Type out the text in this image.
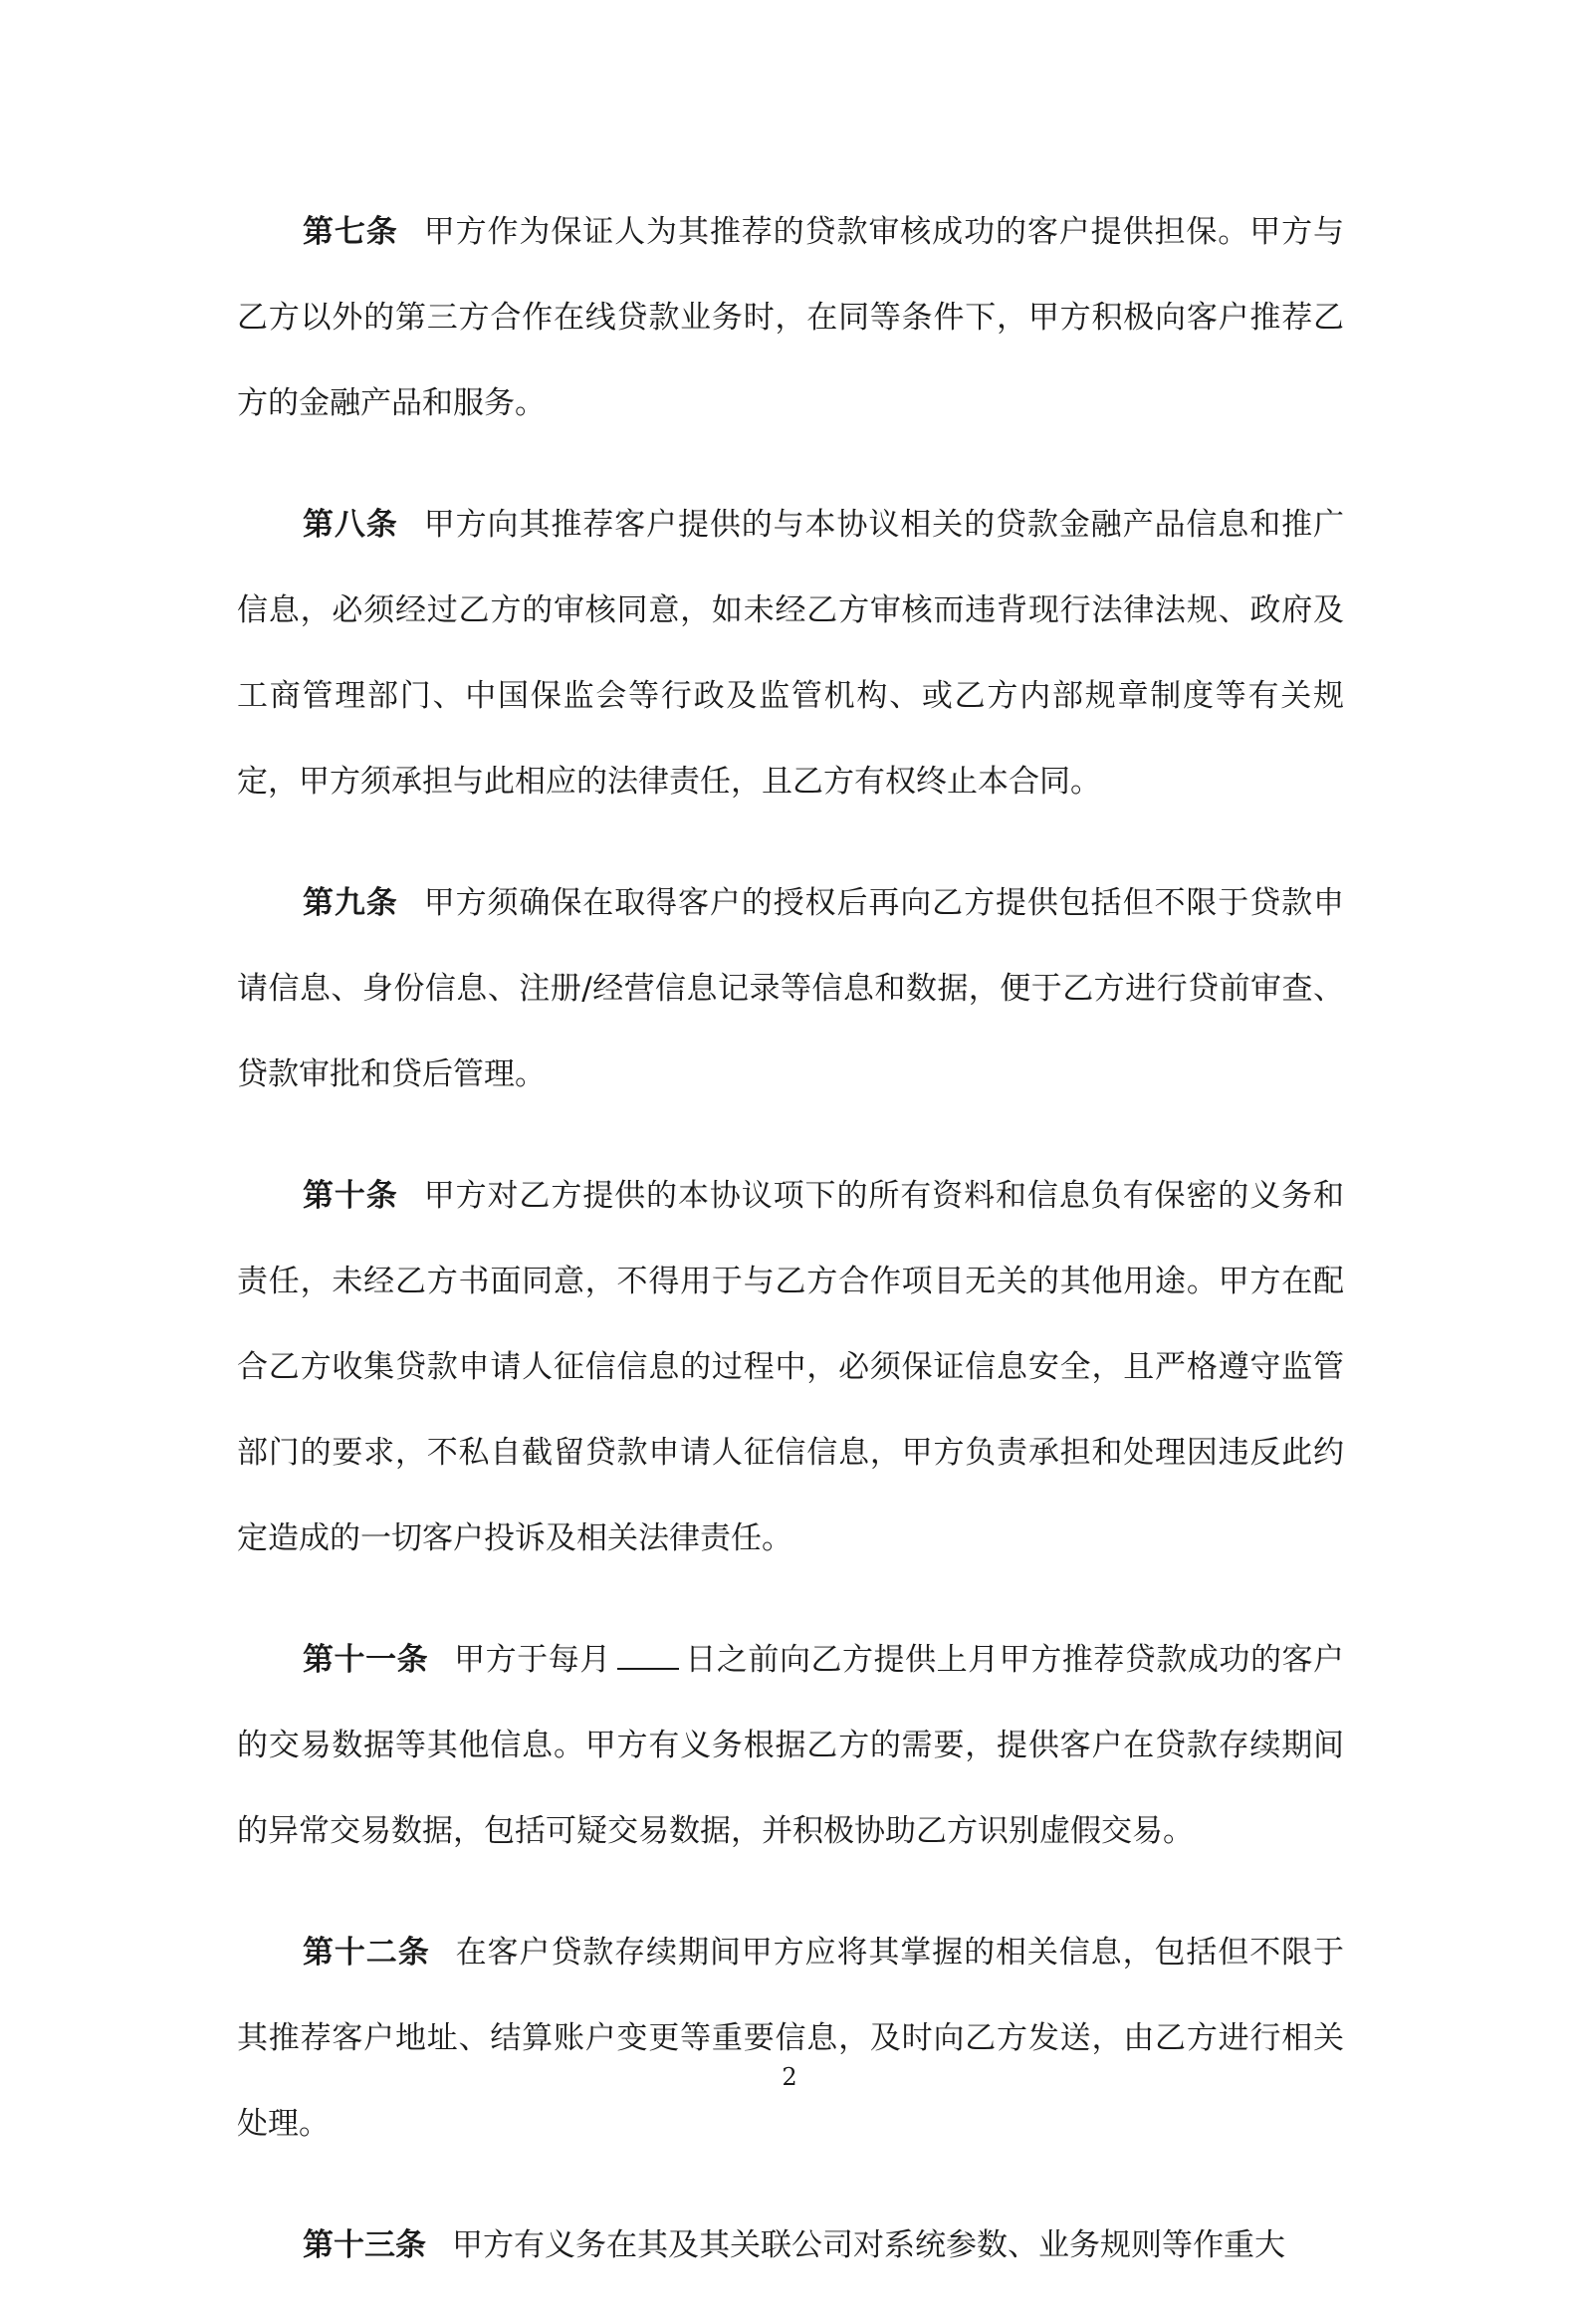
第七条 甲方作为保证人为其推荐的贷款审核成功的客户提供担保。甲方与乙方以外的第三方合作在线贷款业务时，在同等条件下，甲方积极向客户推荐乙方的金融产品和服务。

第八条 甲方向其推荐客户提供的与本协议相关的贷款金融产品信息和推广信息，必须经过乙方的审核同意，如未经乙方审核而违背现行法律法规、政府及工商管理部门、中国保监会等行政及监管机构、或乙方内部规章制度等有关规定，甲方须承担与此相应的法律责任，且乙方有权终止本合同。

第九条 甲方须确保在取得客户的授权后再向乙方提供包括但不限于贷款申请信息、身份信息、注册/经营信息记录等信息和数据，便于乙方进行贷前审查、贷款审批和贷后管理。

第十条 甲方对乙方提供的本协议项下的所有资料和信息负有保密的义务和责任，未经乙方书面同意，不得用于与乙方合作项目无关的其他用途。甲方在配合乙方收集贷款申请人征信信息的过程中，必须保证信息安全，且严格遵守监管部门的要求，不私自截留贷款申请人征信信息，甲方负责承担和处理因违反此约定造成的一切客户投诉及相关法律责任。

第十一条 甲方于每月 日之前向乙方提供上月甲方推荐贷款成功的客户的交易数据等其他信息。甲方有义务根据乙方的需要，提供客户在贷款存续期间的异常交易数据，包括可疑交易数据，并积极协助乙方识别虚假交易。

第十二条 在客户贷款存续期间甲方应将其掌握的相关信息，包括但不限于其推荐客户地址、结算账户变更等重要信息，及时向乙方发送，由乙方进行相关处理。

第十三条 甲方有义务在其及其关联公司对系统参数、业务规则等作重大

2
